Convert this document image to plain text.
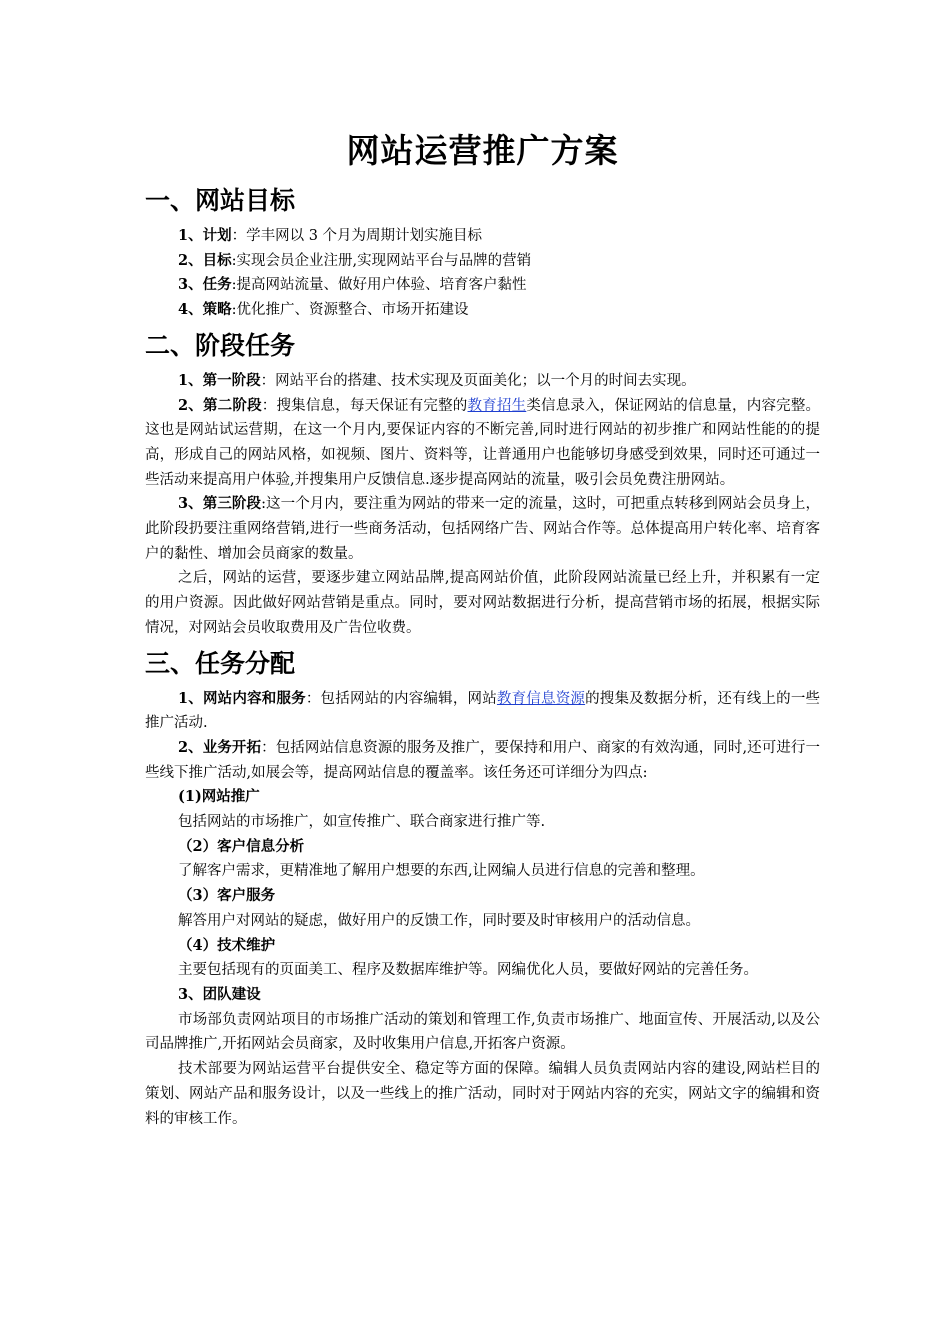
网站运营推广方案
一、网站目标

1、计划：学丰网以 3 个月为周期计划实施目标

2、目标:实现会员企业注册,实现网站平台与品牌的营销

3、任务:提高网站流量、做好用户体验、培育客户黏性

4、策略:优化推广、资源整合、市场开拓建设

二、阶段任务

1、第一阶段：网站平台的搭建、技术实现及页面美化；以一个月的时间去实现。

2、第二阶段：搜集信息，每天保证有完整的教育招生类信息录入，保证网站的信息量，内容完整。这也是网站试运营期，在这一个月内,要保证内容的不断完善,同时进行网站的初步推广和网站性能的的提高，形成自己的网站风格，如视频、图片、资料等，让普通用户也能够切身感受到效果，同时还可通过一些活动来提高用户体验,并搜集用户反馈信息.逐步提高网站的流量，吸引会员免费注册网站。

3、第三阶段:这一个月内，要注重为网站的带来一定的流量，这时，可把重点转移到网站会员身上，此阶段扔要注重网络营销,进行一些商务活动，包括网络广告、网站合作等。总体提高用户转化率、培育客户的黏性、增加会员商家的数量。

之后，网站的运营，要逐步建立网站品牌,提高网站价值，此阶段网站流量已经上升，并积累有一定的用户资源。因此做好网站营销是重点。同时，要对网站数据进行分析，提高营销市场的拓展，根据实际情况，对网站会员收取费用及广告位收费。

三、任务分配

1、网站内容和服务：包括网站的内容编辑，网站教育信息资源的搜集及数据分析，还有线上的一些推广活动.

2、业务开拓：包括网站信息资源的服务及推广，要保持和用户、商家的有效沟通，同时,还可进行一些线下推广活动,如展会等，提高网站信息的覆盖率。该任务还可详细分为四点:

(1)网站推广

包括网站的市场推广，如宣传推广、联合商家进行推广等.

（2）客户信息分析

了解客户需求，更精准地了解用户想要的东西,让网编人员进行信息的完善和整理。

（3）客户服务

解答用户对网站的疑虑，做好用户的反馈工作，同时要及时审核用户的活动信息。

（4）技术维护

主要包括现有的页面美工、程序及数据库维护等。网编优化人员，要做好网站的完善任务。

3、团队建设

市场部负责网站项目的市场推广活动的策划和管理工作,负责市场推广、地面宣传、开展活动,以及公司品牌推广,开拓网站会员商家，及时收集用户信息,开拓客户资源。

技术部要为网站运营平台提供安全、稳定等方面的保障。编辑人员负责网站内容的建设,网站栏目的策划、网站产品和服务设计，以及一些线上的推广活动，同时对于网站内容的充实，网站文字的编辑和资料的审核工作。
